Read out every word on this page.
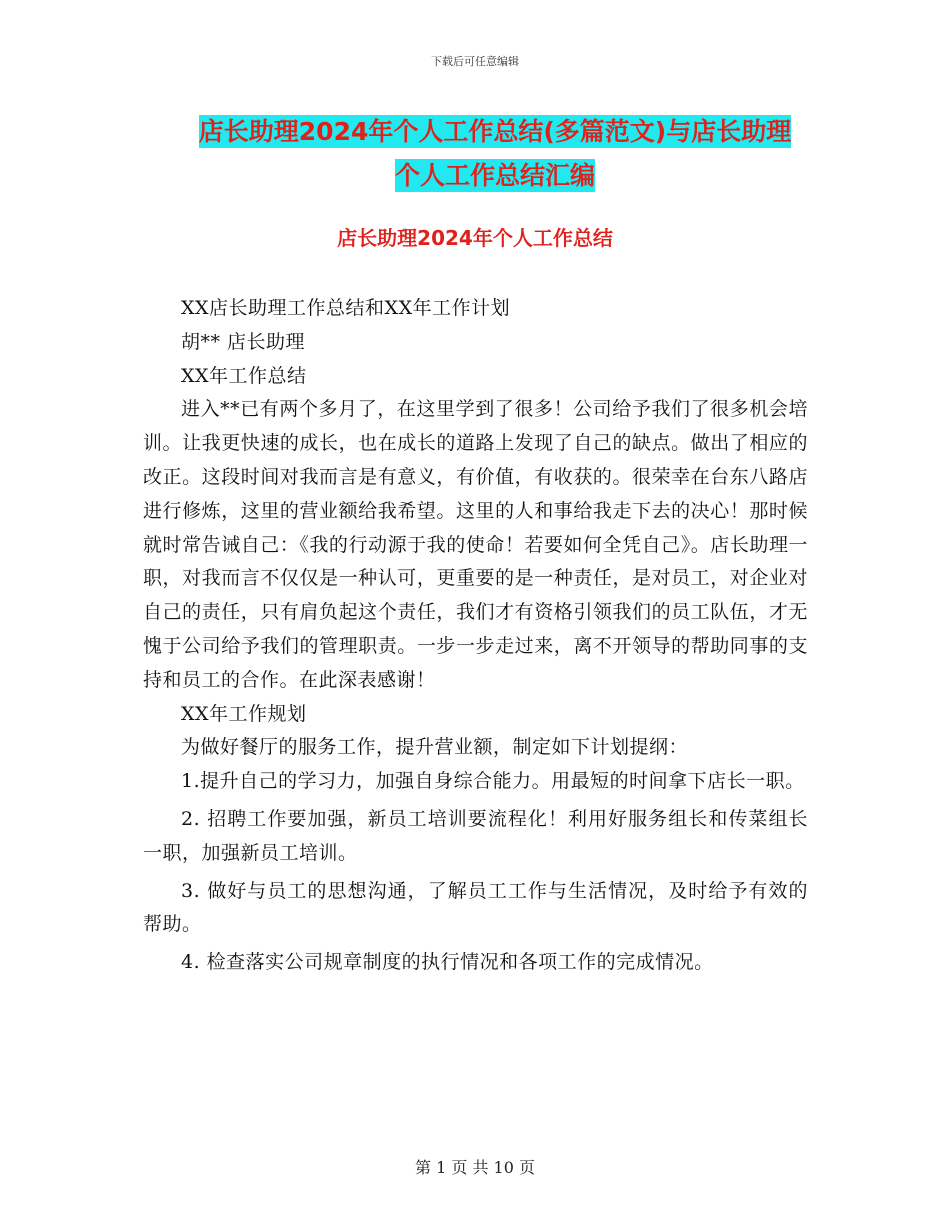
下载后可任意编辑
店长助理2024年个人工作总结(多篇范文)与店长助理
个人工作总结汇编
店长助理2024年个人工作总结

XX店长助理工作总结和XX年工作计划

胡** 店长助理

XX年工作总结

进入**已有两个多月了，在这里学到了很多！公司给予我们了很多机会培训。让我更快速的成长，也在成长的道路上发现了自己的缺点。做出了相应的改正。这段时间对我而言是有意义，有价值，有收获的。很荣幸在台东八路店进行修炼，这里的营业额给我希望。这里的人和事给我走下去的决心！那时候就时常告诫自己：《我的行动源于我的使命！若要如何全凭自己》。店长助理一职，对我而言不仅仅是一种认可，更重要的是一种责任，是对员工，对企业对自己的责任，只有肩负起这个责任，我们才有资格引领我们的员工队伍，才无愧于公司给予我们的管理职责。一步一步走过来，离不开领导的帮助同事的支持和员工的合作。在此深表感谢！

XX年工作规划

为做好餐厅的服务工作，提升营业额，制定如下计划提纲：

1.提升自己的学习力，加强自身综合能力。用最短的时间拿下店长一职。

2. 招聘工作要加强，新员工培训要流程化！利用好服务组长和传菜组长一职，加强新员工培训。

3. 做好与员工的思想沟通，了解员工工作与生活情况，及时给予有效的帮助。

4. 检查落实公司规章制度的执行情况和各项工作的完成情况。

第 1 页 共 10 页
